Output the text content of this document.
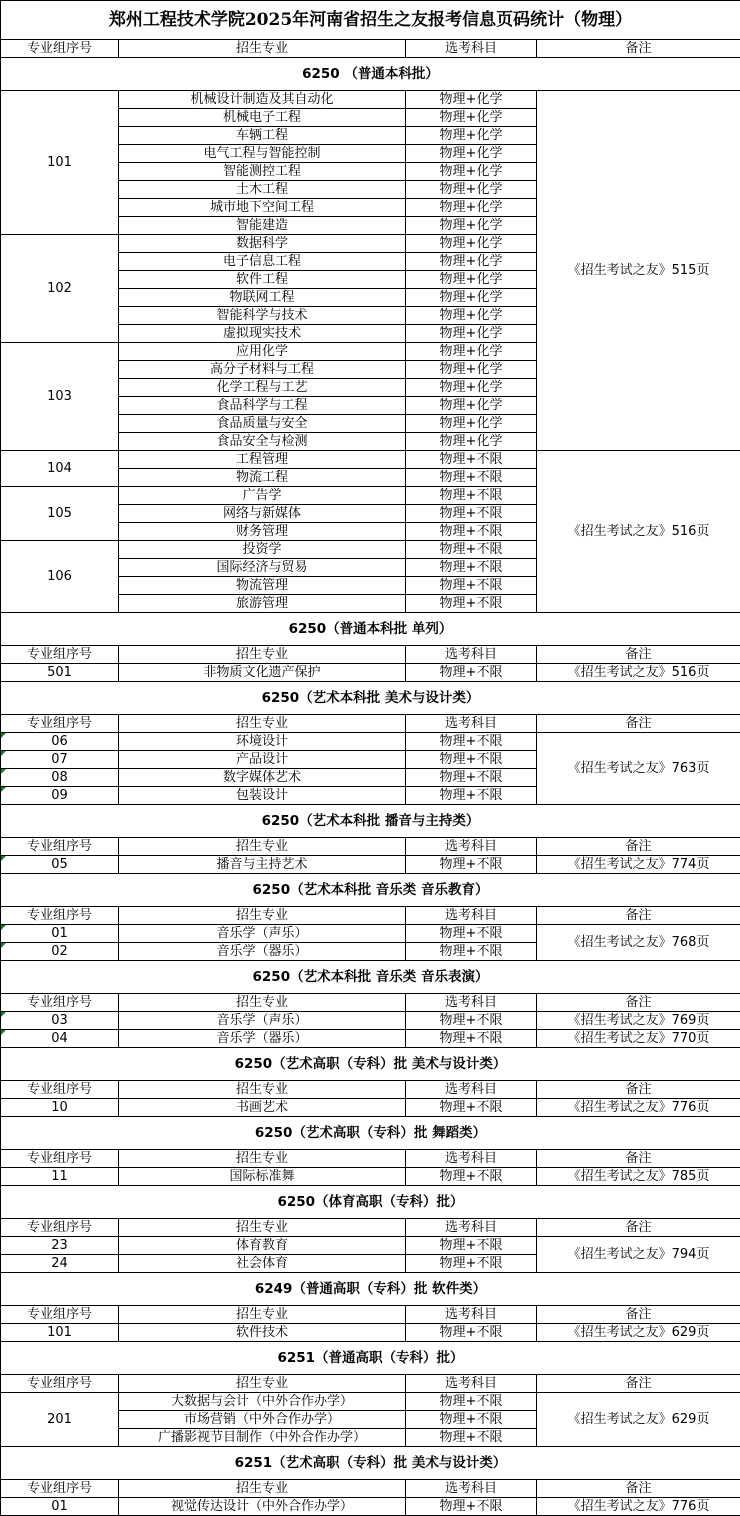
郑州工程技术学院2025年河南省招生之友报考信息页码统计（物理）			
专业组序号	招生专业	选考科目	备注
6250 （普通本科批）			
101	机械设计制造及其自动化	物理+化学	《招生考试之友》515页
	机械电子工程	物理+化学	
	车辆工程	物理+化学	
	电气工程与智能控制	物理+化学	
	智能测控工程	物理+化学	
	土木工程	物理+化学	
	城市地下空间工程	物理+化学	
	智能建造	物理+化学	
102	数据科学	物理+化学	
	电子信息工程	物理+化学	
	软件工程	物理+化学	
	物联网工程	物理+化学	
	智能科学与技术	物理+化学	
	虚拟现实技术	物理+化学	
103	应用化学	物理+化学	
	高分子材料与工程	物理+化学	
	化学工程与工艺	物理+化学	
	食品科学与工程	物理+化学	
	食品质量与安全	物理+化学	
	食品安全与检测	物理+化学	
104	工程管理	物理+不限	《招生考试之友》516页
	物流工程	物理+不限	
105	广告学	物理+不限	
	网络与新媒体	物理+不限	
	财务管理	物理+不限	
106	投资学	物理+不限	
	国际经济与贸易	物理+不限	
	物流管理	物理+不限	
	旅游管理	物理+不限	
6250（普通本科批 单列）			
专业组序号	招生专业	选考科目	备注
501	非物质文化遗产保护	物理+不限	《招生考试之友》516页
6250（艺术本科批 美术与设计类）			
专业组序号	招生专业	选考科目	备注
06	环境设计	物理+不限	《招生考试之友》763页
07	产品设计	物理+不限	
08	数字媒体艺术	物理+不限	
09	包装设计	物理+不限	
6250（艺术本科批 播音与主持类）			
专业组序号	招生专业	选考科目	备注
05	播音与主持艺术	物理+不限	《招生考试之友》774页
6250（艺术本科批 音乐类 音乐教育）			
专业组序号	招生专业	选考科目	备注
01	音乐学（声乐）	物理+不限	《招生考试之友》768页
02	音乐学（器乐）	物理+不限	
6250（艺术本科批 音乐类 音乐表演）			
专业组序号	招生专业	选考科目	备注
03	音乐学（声乐）	物理+不限	《招生考试之友》769页
04	音乐学（器乐）	物理+不限	《招生考试之友》770页
6250（艺术高职（专科）批 美术与设计类）			
专业组序号	招生专业	选考科目	备注
10	书画艺术	物理+不限	《招生考试之友》776页
6250（艺术高职（专科）批 舞蹈类）			
专业组序号	招生专业	选考科目	备注
11	国际标准舞	物理+不限	《招生考试之友》785页
6250（体育高职（专科）批）			
专业组序号	招生专业	选考科目	备注
23	体育教育	物理+不限	《招生考试之友》794页
24	社会体育	物理+不限	
6249（普通高职（专科）批 软件类）			
专业组序号	招生专业	选考科目	备注
101	软件技术	物理+不限	《招生考试之友》629页
6251（普通高职（专科）批）			
专业组序号	招生专业	选考科目	备注
201	大数据与会计（中外合作办学）	物理+不限	《招生考试之友》629页
	市场营销（中外合作办学）	物理+不限	
	广播影视节目制作（中外合作办学）	物理+不限	
6251（艺术高职（专科）批 美术与设计类）			
专业组序号	招生专业	选考科目	备注
01	视觉传达设计（中外合作办学）	物理+不限	《招生考试之友》776页
